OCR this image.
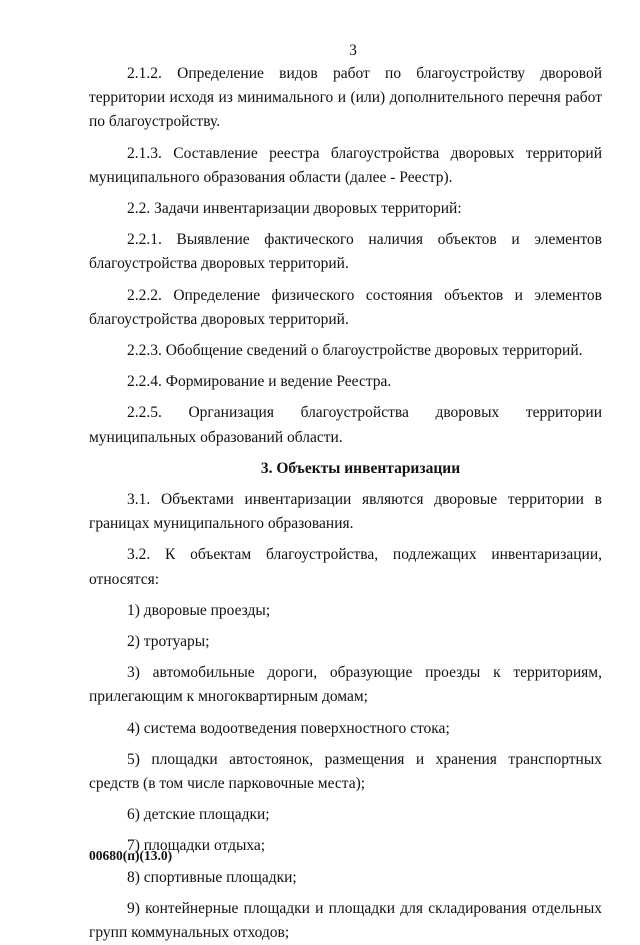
3

2.1.2. Определение видов работ по благоустройству дворовой территории исходя из минимального и (или) дополнительного перечня работ по благоустройству.

2.1.3. Составление реестра благоустройства дворовых территорий муниципального образования области (далее - Реестр).

2.2. Задачи инвентаризации дворовых территорий:

2.2.1. Выявление фактического наличия объектов и элементов благоустройства дворовых территорий.

2.2.2. Определение физического состояния объектов и элементов благоустройства дворовых территорий.

2.2.3. Обобщение сведений о благоустройстве дворовых территорий.

2.2.4. Формирование и ведение Реестра.

2.2.5. Организация благоустройства дворовых территории муниципальных образований области.

3. Объекты инвентаризации

3.1. Объектами инвентаризации являются дворовые территории в границах муниципального образования.

3.2. К объектам благоустройства, подлежащих инвентаризации, относятся:

1) дворовые проезды;

2) тротуары;

3) автомобильные дороги, образующие проезды к территориям, прилегающим к многоквартирным домам;

4) система водоотведения поверхностного стока;

5) площадки автостоянок, размещения и хранения транспортных средств (в том числе парковочные места);

6) детские площадки;

7) площадки отдыха;

8) спортивные площадки;

9) контейнерные площадки и площадки для складирования отдельных групп коммунальных отходов;

00680(п)(13.0)
